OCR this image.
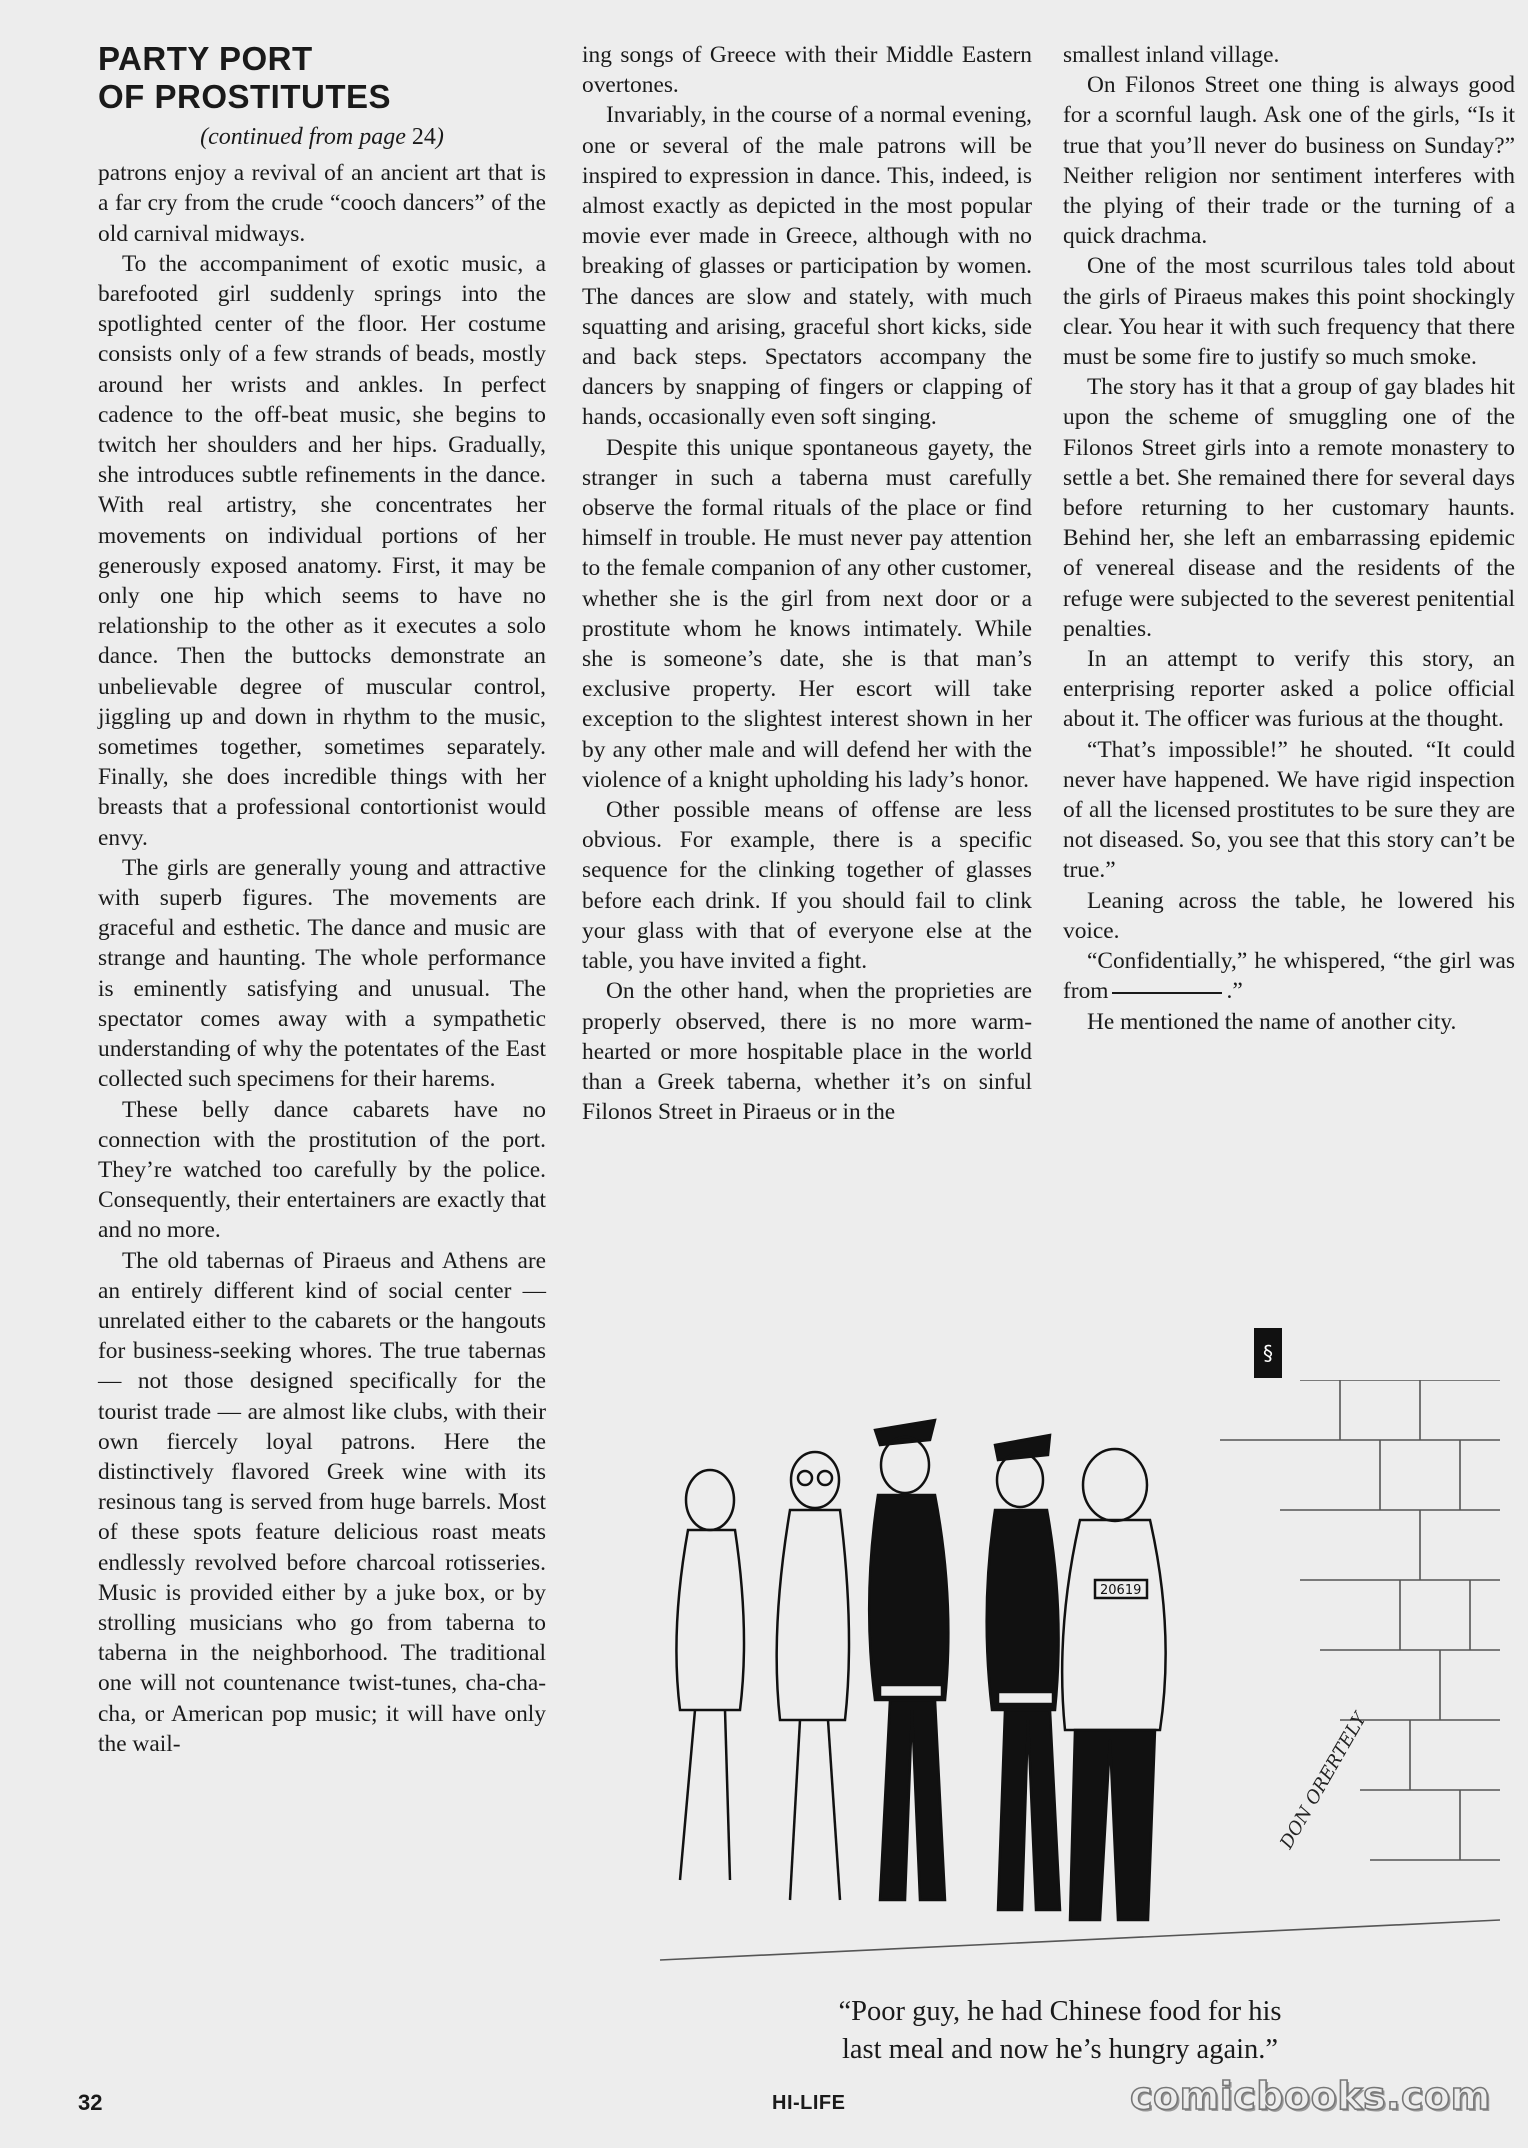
PARTY PORT
OF PROSTITUTES

(continued from page 24)

patrons enjoy a revival of an ancient art that is a far cry from the crude “cooch dancers” of the old carnival midways.

To the accompaniment of exotic music, a barefooted girl suddenly springs into the spotlighted center of the floor. Her costume consists only of a few strands of beads, mostly around her wrists and ankles. In perfect cadence to the off-beat music, she begins to twitch her shoulders and her hips. Gradually, she introduces subtle refinements in the dance. With real artistry, she concentrates her movements on individual portions of her generously exposed anatomy. First, it may be only one hip which seems to have no relationship to the other as it executes a solo dance. Then the buttocks demonstrate an unbelievable degree of muscular control, jiggling up and down in rhythm to the music, sometimes together, sometimes separately. Finally, she does incredible things with her breasts that a professional contortionist would envy.

The girls are generally young and attractive with superb figures. The movements are graceful and esthetic. The dance and music are strange and haunting. The whole performance is eminently satisfying and unusual. The spectator comes away with a sympathetic understanding of why the potentates of the East collected such specimens for their harems.

These belly dance cabarets have no connection with the prostitution of the port. They’re watched too carefully by the police. Consequently, their entertainers are exactly that and no more.

The old tabernas of Piraeus and Athens are an entirely different kind of social center — unrelated either to the cabarets or the hangouts for business-seeking whores. The true tabernas — not those designed specifically for the tourist trade — are almost like clubs, with their own fiercely loyal patrons. Here the distinctively flavored Greek wine with its resinous tang is served from huge barrels. Most of these spots feature delicious roast meats endlessly revolved before charcoal rotisseries. Music is provided either by a juke box, or by strolling musicians who go from taberna to taberna in the neighborhood. The traditional one will not countenance twist-tunes, cha-cha-cha, or American pop music; it will have only the wail-

ing songs of Greece with their Middle Eastern overtones.

Invariably, in the course of a normal evening, one or several of the male patrons will be inspired to expression in dance. This, indeed, is almost exactly as depicted in the most popular movie ever made in Greece, although with no breaking of glasses or participation by women. The dances are slow and stately, with much squatting and arising, graceful short kicks, side and back steps. Spectators accompany the dancers by snapping of fingers or clapping of hands, occasionally even soft singing.

Despite this unique spontaneous gayety, the stranger in such a taberna must carefully observe the formal rituals of the place or find himself in trouble. He must never pay attention to the female companion of any other customer, whether she is the girl from next door or a prostitute whom he knows intimately. While she is someone’s date, she is that man’s exclusive property. Her escort will take exception to the slightest interest shown in her by any other male and will defend her with the violence of a knight upholding his lady’s honor.

Other possible means of offense are less obvious. For example, there is a specific sequence for the clinking together of glasses before each drink. If you should fail to clink your glass with that of everyone else at the table, you have invited a fight.

On the other hand, when the proprieties are properly observed, there is no more warm-hearted or more hospitable place in the world than a Greek taberna, whether it’s on sinful Filonos Street in Piraeus or in the

smallest inland village.

On Filonos Street one thing is always good for a scornful laugh. Ask one of the girls, “Is it true that you’ll never do business on Sunday?” Neither religion nor sentiment interferes with the plying of their trade or the turning of a quick drachma.

One of the most scurrilous tales told about the girls of Piraeus makes this point shockingly clear. You hear it with such frequency that there must be some fire to justify so much smoke.

The story has it that a group of gay blades hit upon the scheme of smuggling one of the Filonos Street girls into a remote monastery to settle a bet. She remained there for several days before returning to her customary haunts. Behind her, she left an embarrassing epidemic of venereal disease and the residents of the refuge were subjected to the severest penitential penalties.

In an attempt to verify this story, an enterprising reporter asked a police official about it. The officer was furious at the thought.

“That’s impossible!” he shouted. “It could never have happened. We have rigid inspection of all the licensed prostitutes to be sure they are not diseased. So, you see that this story can’t be true.”

Leaning across the table, he lowered his voice.

“Confidentially,” he whispered, “the girl was from	.”

He mentioned the name of another city.

§
20619
DON ORERTELY
“Poor guy, he had Chinese food for his
last meal and now he’s hungry again.”
32	HI-LIFE	comicbooks.com
